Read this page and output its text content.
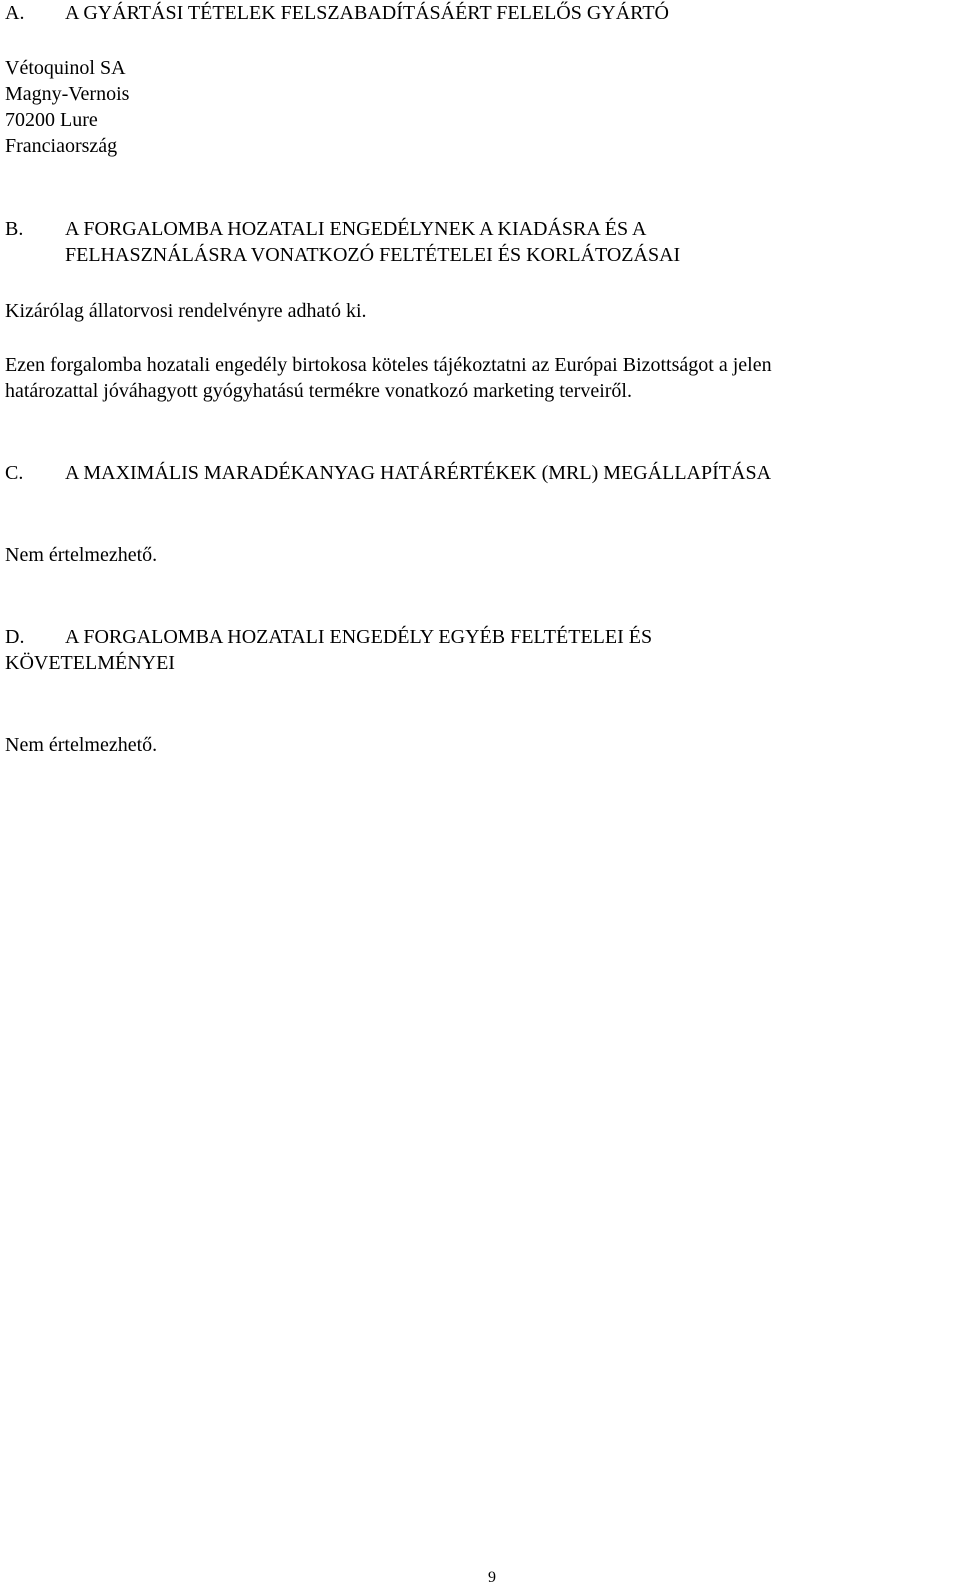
A.	A GYÁRTÁSI TÉTELEK FELSZABADÍTÁSÁÉRT FELELŐS GYÁRTÓ
Vétoquinol SA
Magny-Vernois
70200 Lure
Franciaország
B.	A FORGALOMBA HOZATALI ENGEDÉLYNEK A KIADÁSRA ÉS A
FELHASZNÁLÁSRA VONATKOZÓ FELTÉTELEI ÉS KORLÁTOZÁSAI
Kizárólag állatorvosi rendelvényre adható ki.
Ezen forgalomba hozatali engedély birtokosa köteles tájékoztatni az Európai Bizottságot a jelen
határozattal jóváhagyott gyógyhatású termékre vonatkozó marketing terveiről.
C.	A MAXIMÁLIS MARADÉKANYAG HATÁRÉRTÉKEK (MRL) MEGÁLLAPÍTÁSA
Nem értelmezhető.
D.	A FORGALOMBA HOZATALI ENGEDÉLY EGYÉB FELTÉTELEI ÉS
KÖVETELMÉNYEI
Nem értelmezhető.
9
